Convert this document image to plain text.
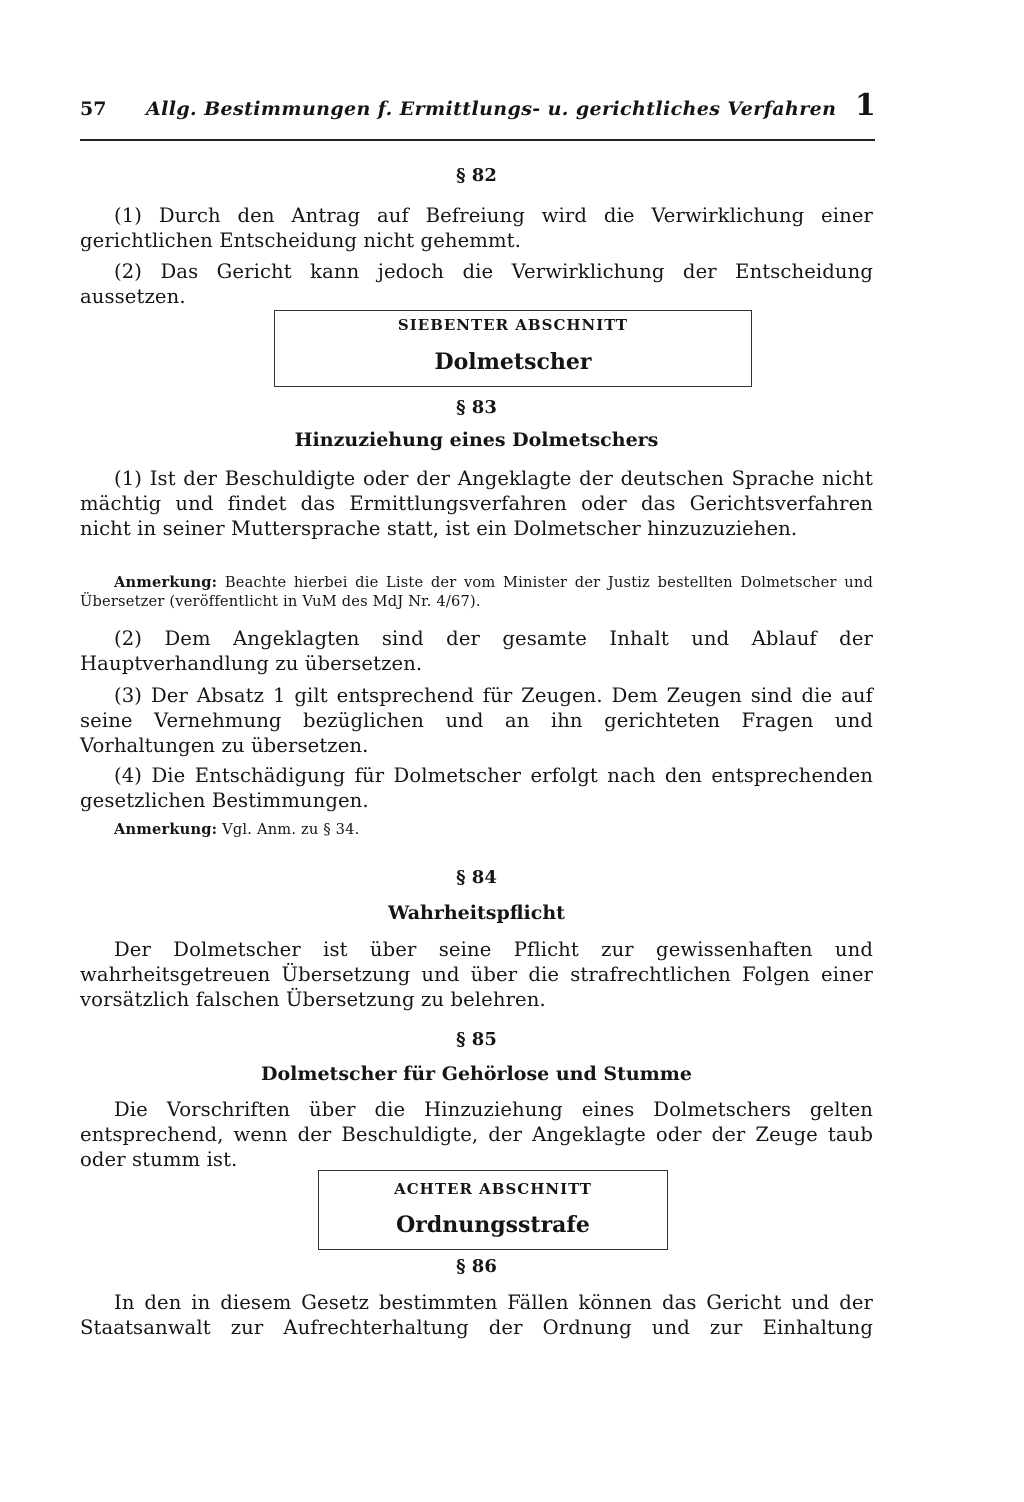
57 Allg. Bestimmungen f. Ermittlungs- u. gerichtliches Verfahren 1
§ 82
(1) Durch den Antrag auf Befreiung wird die Verwirklichung einer gerichtlichen Entscheidung nicht gehemmt.
(2) Das Gericht kann jedoch die Verwirklichung der Entscheidung aussetzen.
SIEBENTER ABSCHNITT
Dolmetscher
§ 83
Hinzuziehung eines Dolmetschers
(1) Ist der Beschuldigte oder der Angeklagte der deutschen Sprache nicht mächtig und findet das Ermittlungsverfahren oder das Gerichtsverfahren nicht in seiner Muttersprache statt, ist ein Dolmetscher hinzuzuziehen.
Anmerkung: Beachte hierbei die Liste der vom Minister der Justiz bestellten Dolmetscher und Übersetzer (veröffentlicht in VuM des MdJ Nr. 4/67).
(2) Dem Angeklagten sind der gesamte Inhalt und Ablauf der Hauptverhandlung zu übersetzen.
(3) Der Absatz 1 gilt entsprechend für Zeugen. Dem Zeugen sind die auf seine Vernehmung bezüglichen und an ihn gerichteten Fragen und Vorhaltungen zu übersetzen.
(4) Die Entschädigung für Dolmetscher erfolgt nach den entsprechenden gesetzlichen Bestimmungen.
Anmerkung: Vgl. Anm. zu § 34.
§ 84
Wahrheitspflicht
Der Dolmetscher ist über seine Pflicht zur gewissenhaften und wahrheitsgetreuen Übersetzung und über die strafrechtlichen Folgen einer vorsätzlich falschen Übersetzung zu belehren.
§ 85
Dolmetscher für Gehörlose und Stumme
Die Vorschriften über die Hinzuziehung eines Dolmetschers gelten entsprechend, wenn der Beschuldigte, der Angeklagte oder der Zeuge taub oder stumm ist.
ACHTER ABSCHNITT
Ordnungsstrafe
§ 86
In den in diesem Gesetz bestimmten Fällen können das Gericht und der Staatsanwalt zur Aufrechterhaltung der Ordnung und zur Einhaltung
